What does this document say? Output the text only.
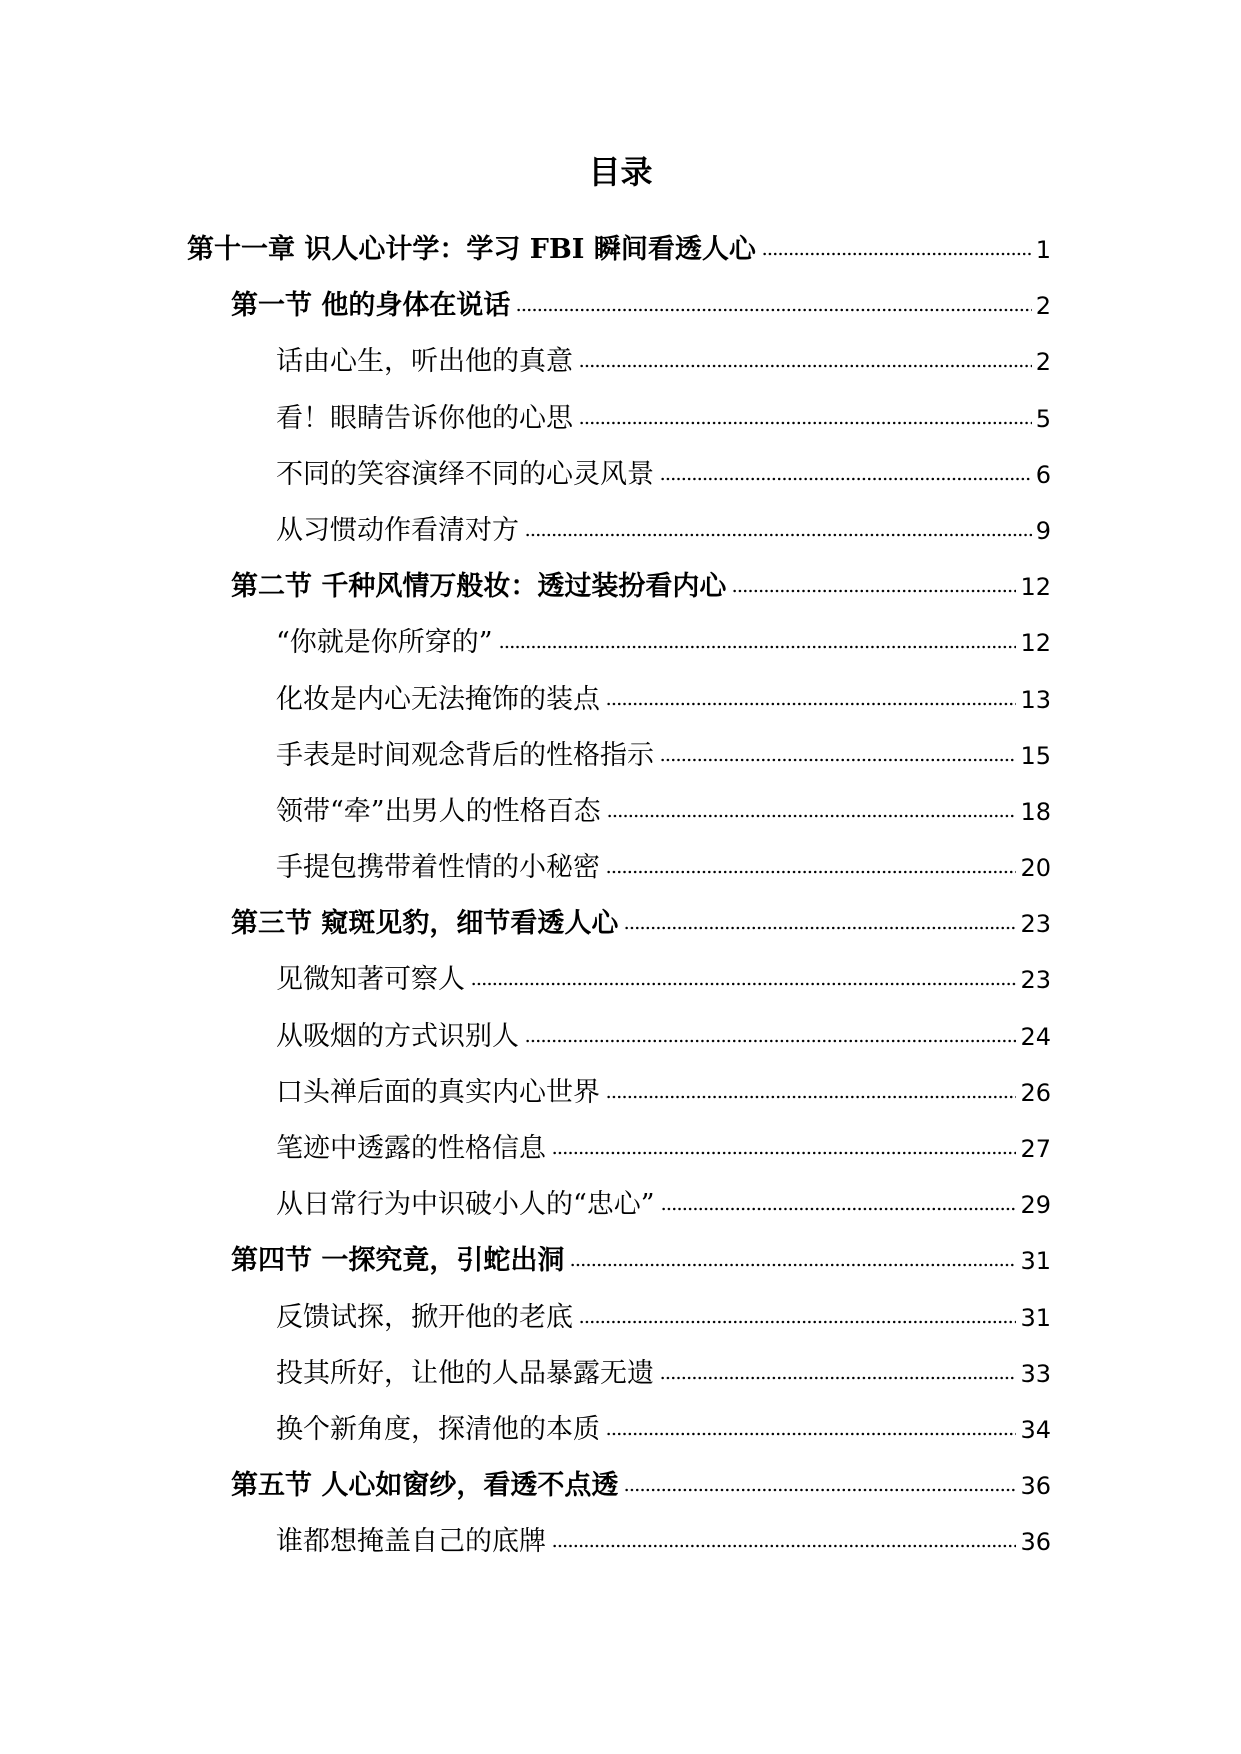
目录
第十一章 识人心计学：学习 FBI 瞬间看透人心	1
第一节 他的身体在说话	2
话由心生，听出他的真意	2
看！眼睛告诉你他的心思	5
不同的笑容演绎不同的心灵风景	6
从习惯动作看清对方	9
第二节 千种风情万般妆：透过装扮看内心	12
“你就是你所穿的”	12
化妆是内心无法掩饰的装点	13
手表是时间观念背后的性格指示	15
领带“牵”出男人的性格百态	18
手提包携带着性情的小秘密	20
第三节 窥斑见豹，细节看透人心	23
见微知著可察人	23
从吸烟的方式识别人	24
口头禅后面的真实内心世界	26
笔迹中透露的性格信息	27
从日常行为中识破小人的“忠心”	29
第四节 一探究竟，引蛇出洞	31
反馈试探，掀开他的老底	31
投其所好，让他的人品暴露无遗	33
换个新角度，探清他的本质	34
第五节 人心如窗纱，看透不点透	36
谁都想掩盖自己的底牌	36
